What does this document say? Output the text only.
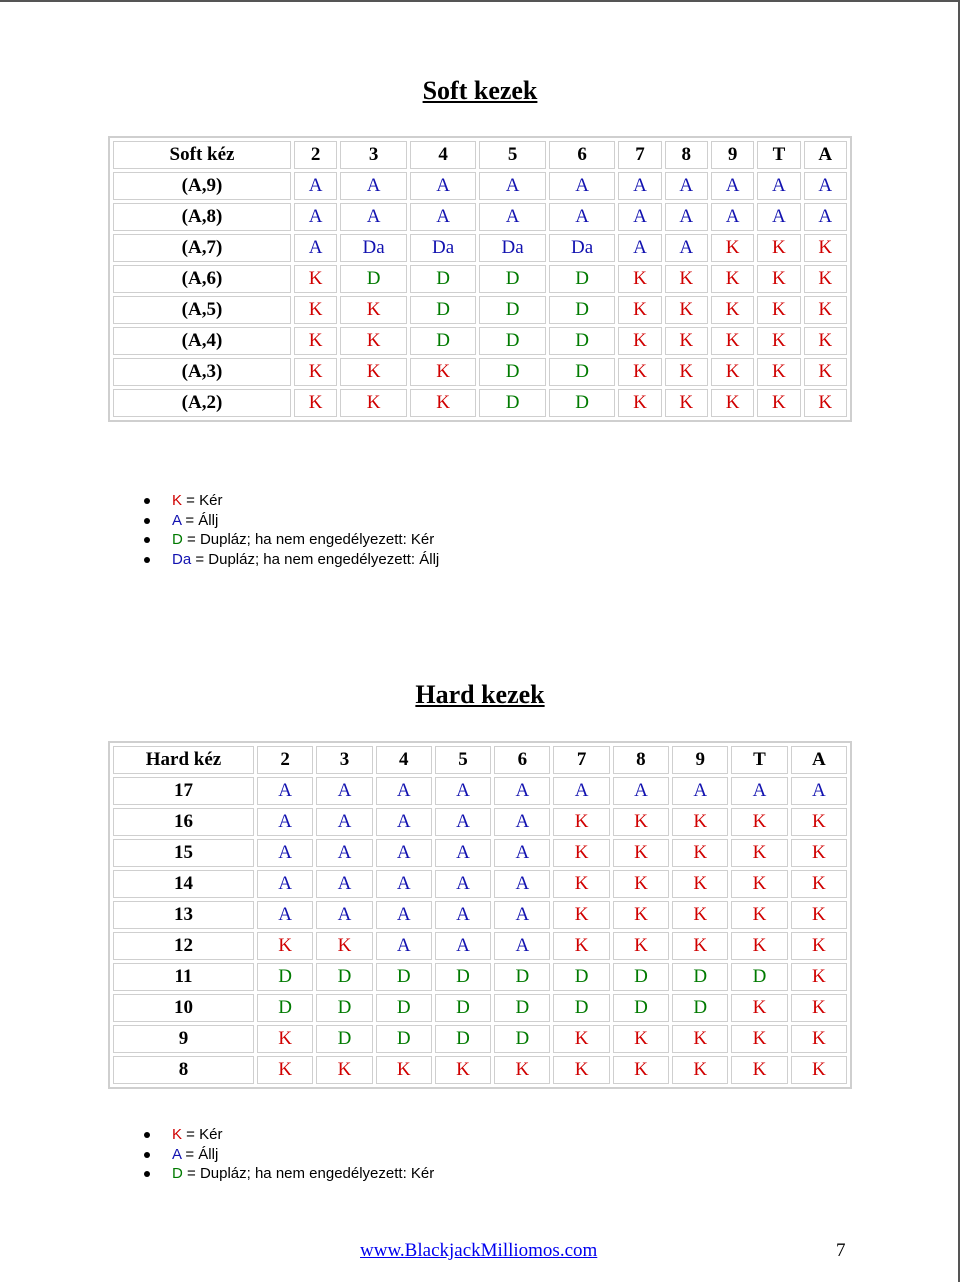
Soft kezek
Soft kéz	2	3	4	5	6	7	8	9	T	A
(A,9)	A	A	A	A	A	A	A	A	A	A
(A,8)	A	A	A	A	A	A	A	A	A	A
(A,7)	A	Da	Da	Da	Da	A	A	K	K	K
(A,6)	K	D	D	D	D	K	K	K	K	K
(A,5)	K	K	D	D	D	K	K	K	K	K
(A,4)	K	K	D	D	D	K	K	K	K	K
(A,3)	K	K	K	D	D	K	K	K	K	K
(A,2)	K	K	K	D	D	K	K	K	K	K
K = Kér
A = Állj
D = Dupláz; ha nem engedélyezett: Kér
Da = Dupláz; ha nem engedélyezett: Állj
Hard kezek
Hard kéz	2	3	4	5	6	7	8	9	T	A
17	A	A	A	A	A	A	A	A	A	A
16	A	A	A	A	A	K	K	K	K	K
15	A	A	A	A	A	K	K	K	K	K
14	A	A	A	A	A	K	K	K	K	K
13	A	A	A	A	A	K	K	K	K	K
12	K	K	A	A	A	K	K	K	K	K
11	D	D	D	D	D	D	D	D	D	K
10	D	D	D	D	D	D	D	D	K	K
9	K	D	D	D	D	K	K	K	K	K
8	K	K	K	K	K	K	K	K	K	K
K = Kér
A = Állj
D = Dupláz; ha nem engedélyezett: Kér
www.BlackjackMilliomos.com	7
